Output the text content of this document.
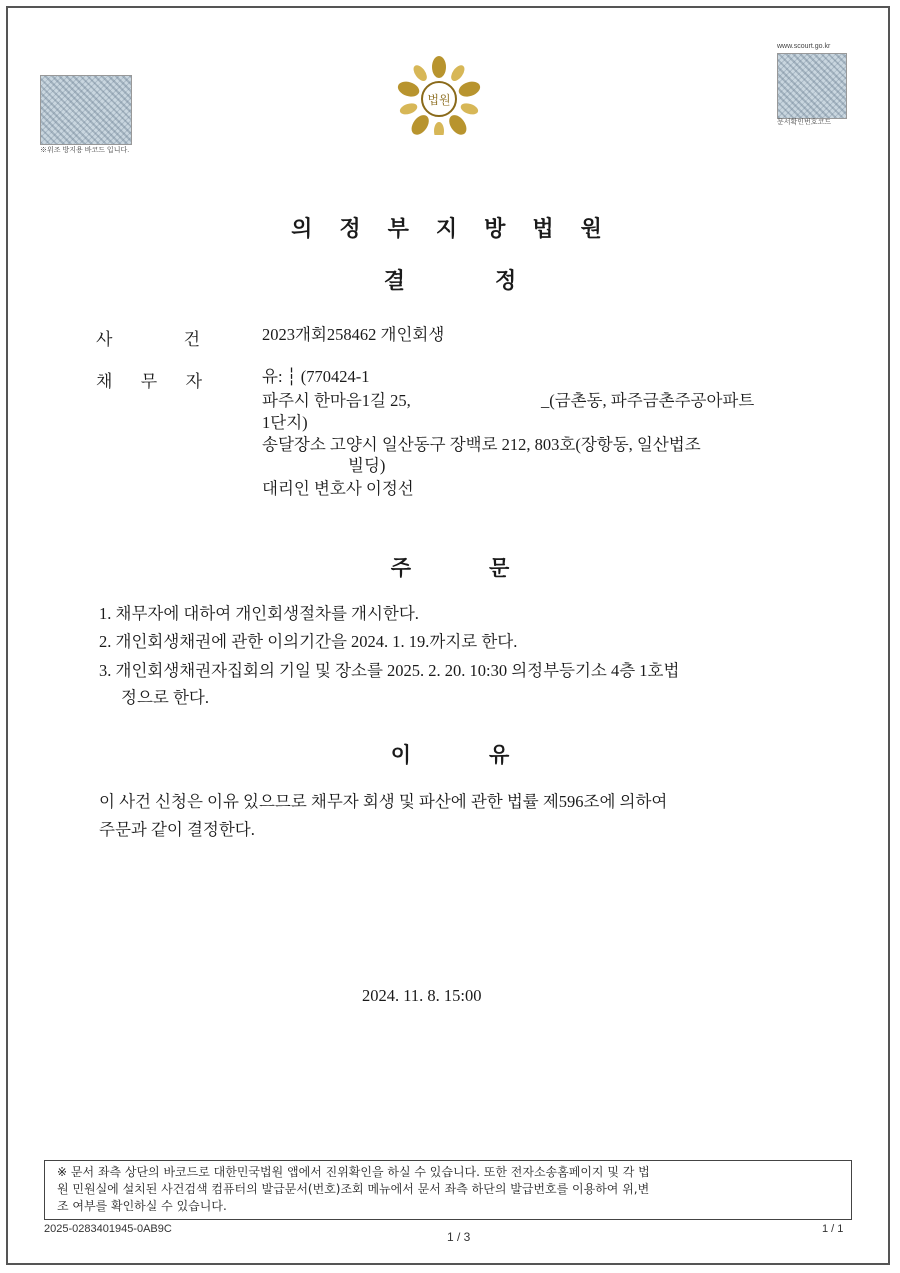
※위조 방지용 바코드 입니다.
www.scourt.go.kr
문서확인번호코드
법원
의정부지방법원
결정
사	건	2023개회258462 개인회생
채 무 자	유: ┆ (770424-1
파주시 한마음1길 25,	_(금촌동, 파주금촌주공아파트
1단지)
송달장소 고양시 일산동구 장백로 212, 803호(장항동, 일산법조
빌딩)
대리인 변호사 이정선
주문
1. 채무자에 대하여 개인회생절차를 개시한다.
2. 개인회생채권에 관한 이의기간을 2024. 1. 19.까지로 한다.
3. 개인회생채권자집회의 기일 및 장소를 2025. 2. 20. 10:30 의정부등기소 4층 1호법
정으로 한다.
이유
이 사건 신청은 이유 있으므로 채무자 회생 및 파산에 관한 법률 제596조에 의하여
주문과 같이 결정한다.
2024. 11. 8. 15:00
※ 문서 좌측 상단의 바코드로 대한민국법원 앱에서 진위확인을 하실 수 있습니다. 또한 전자소송홈페이지 및 각 법
원 민원실에 설치된 사건검색 컴퓨터의 발급문서(번호)조회 메뉴에서 문서 좌측 하단의 발급번호를 이용하여 위,변
조 여부를 확인하실 수 있습니다.
2025-0283401945-0AB9C
1 / 3
1 / 1
